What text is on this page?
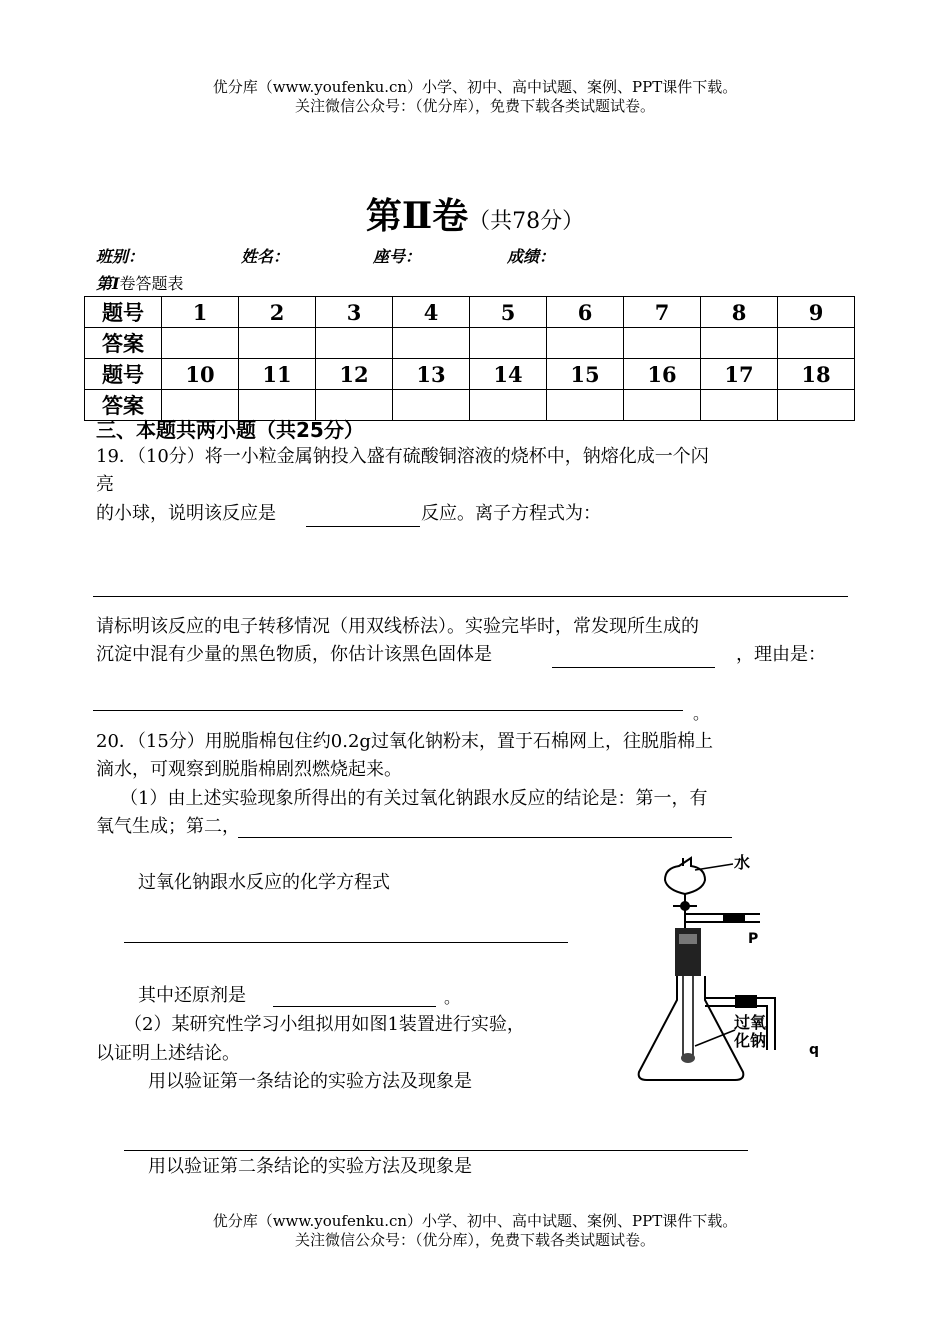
优分库（www.youfenku.cn）小学、初中、高中试题、案例、PPT课件下载。
关注微信公众号：（优分库），免费下载各类试题试卷。
第Ⅱ卷（共78分）
班别：	姓名：	座号：	成绩：
第Ⅰ卷答题表
题号	1	2	3	4	5	6	7	8	9
答案									
题号	10	11	12	13	14	15	16	17	18
答案									
三、本题共两小题（共25分）
19．（10分）将一小粒金属钠投入盛有硫酸铜溶液的烧杯中，钠熔化成一个闪
亮
的小球，说明该反应是	反应。离子方程式为：
请标明该反应的电子转移情况（用双线桥法）。实验完毕时，常发现所生成的
沉淀中混有少量的黑色物质，你估计该黑色固体是	，理由是：
。
20．（15分）用脱脂棉包住约0.2g过氧化钠粉末，置于石棉网上，往脱脂棉上
滴水，可观察到脱脂棉剧烈燃烧起来。
（1）由上述实验现象所得出的有关过氧化钠跟水反应的结论是：第一，有
氧气生成；第二，
过氧化钠跟水反应的化学方程式
其中还原剂是	。
（2）某研究性学习小组拟用如图1装置进行实验，
以证明上述结论。
用以验证第一条结论的实验方法及现象是
用以验证第二条结论的实验方法及现象是
水
P
过氧
化钠	q
优分库（www.youfenku.cn）小学、初中、高中试题、案例、PPT课件下载。
关注微信公众号：（优分库），免费下载各类试题试卷。
